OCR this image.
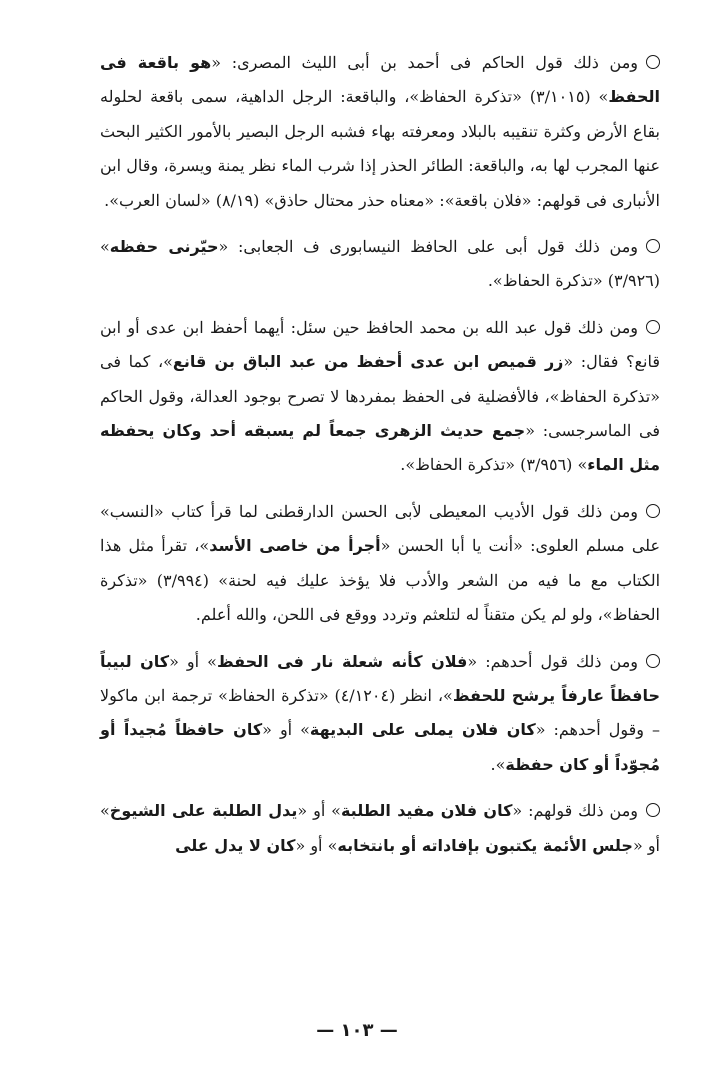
ومن ذلك قول الحاكم فى أحمد بن أبى الليث المصرى: «هو باقعة فى الحفظ» (٣/١٠١٥) «تذكرة الحفاظ»، والباقعة: الرجل الداهية، سمى باقعة لحلوله بقاع الأرض وكثرة تنقيبه بالبلاد ومعرفته بهاء فشبه الرجل البصير بالأمور الكثير البحث عنها المجرب لها به، والباقعة: الطائر الحذر إذا شرب الماء نظر يمنة ويسرة، وقال ابن الأنبارى فى قولهم: «فلان باقعة»: «معناه حذر محتال حاذق» (٨/١٩) «لسان العرب».

ومن ذلك قول أبى على الحافظ النيسابورى ف الجعابى: «حيّرنى حفظه» (٣/٩٢٦) «تذكرة الحفاظ».

ومن ذلك قول عبد الله بن محمد الحافظ حين سئل: أيهما أحفظ ابن عدى أو ابن قانع؟ فقال: «زر قميص ابن عدى أحفظ من عبد الباق بن قانع»، كما فى «تذكرة الحفاظ»، فالأفضلية فى الحفظ بمفردها لا تصرح بوجود العدالة، وقول الحاكم فى الماسرجسى: «جمع حديث الزهرى جمعاً لم يسبقه أحد وكان يحفظه مثل الماء» (٣/٩٥٦) «تذكرة الحفاظ».

ومن ذلك قول الأديب المعيطى لأبى الحسن الدارقطنى لما قرأ كتاب «النسب» على مسلم العلوى: «أنت يا أبا الحسن «أجرأ من خاصى الأسد»، تقرأ مثل هذا الكتاب مع ما فيه من الشعر والأدب فلا يؤخذ عليك فيه لحنة» (٣/٩٩٤) «تذكرة الحفاظ»، ولو لم يكن متقناً له لتلعثم وتردد ووقع فى اللحن، والله أعلم.

ومن ذلك قول أحدهم: «فلان كأنه شعلة نار فى الحفظ» أو «كان لبيباً حافظاً عارفاً يرشح للحفظ»، انظر (٤/١٢٠٤) «تذكرة الحفاظ» ترجمة ابن ماكولا – وقول أحدهم: «كان فلان يملى على البديهة» أو «كان حافظاً مُجيداً أو مُجوّداً أو كان حفظة».

ومن ذلك قولهم: «كان فلان مفيد الطلبة» أو «يدل الطلبة على الشيوخ» أو «جلس الأئمة يكتبون بإفاداته أو بانتخابه» أو «كان لا يدل على

— ١٠٣ —
